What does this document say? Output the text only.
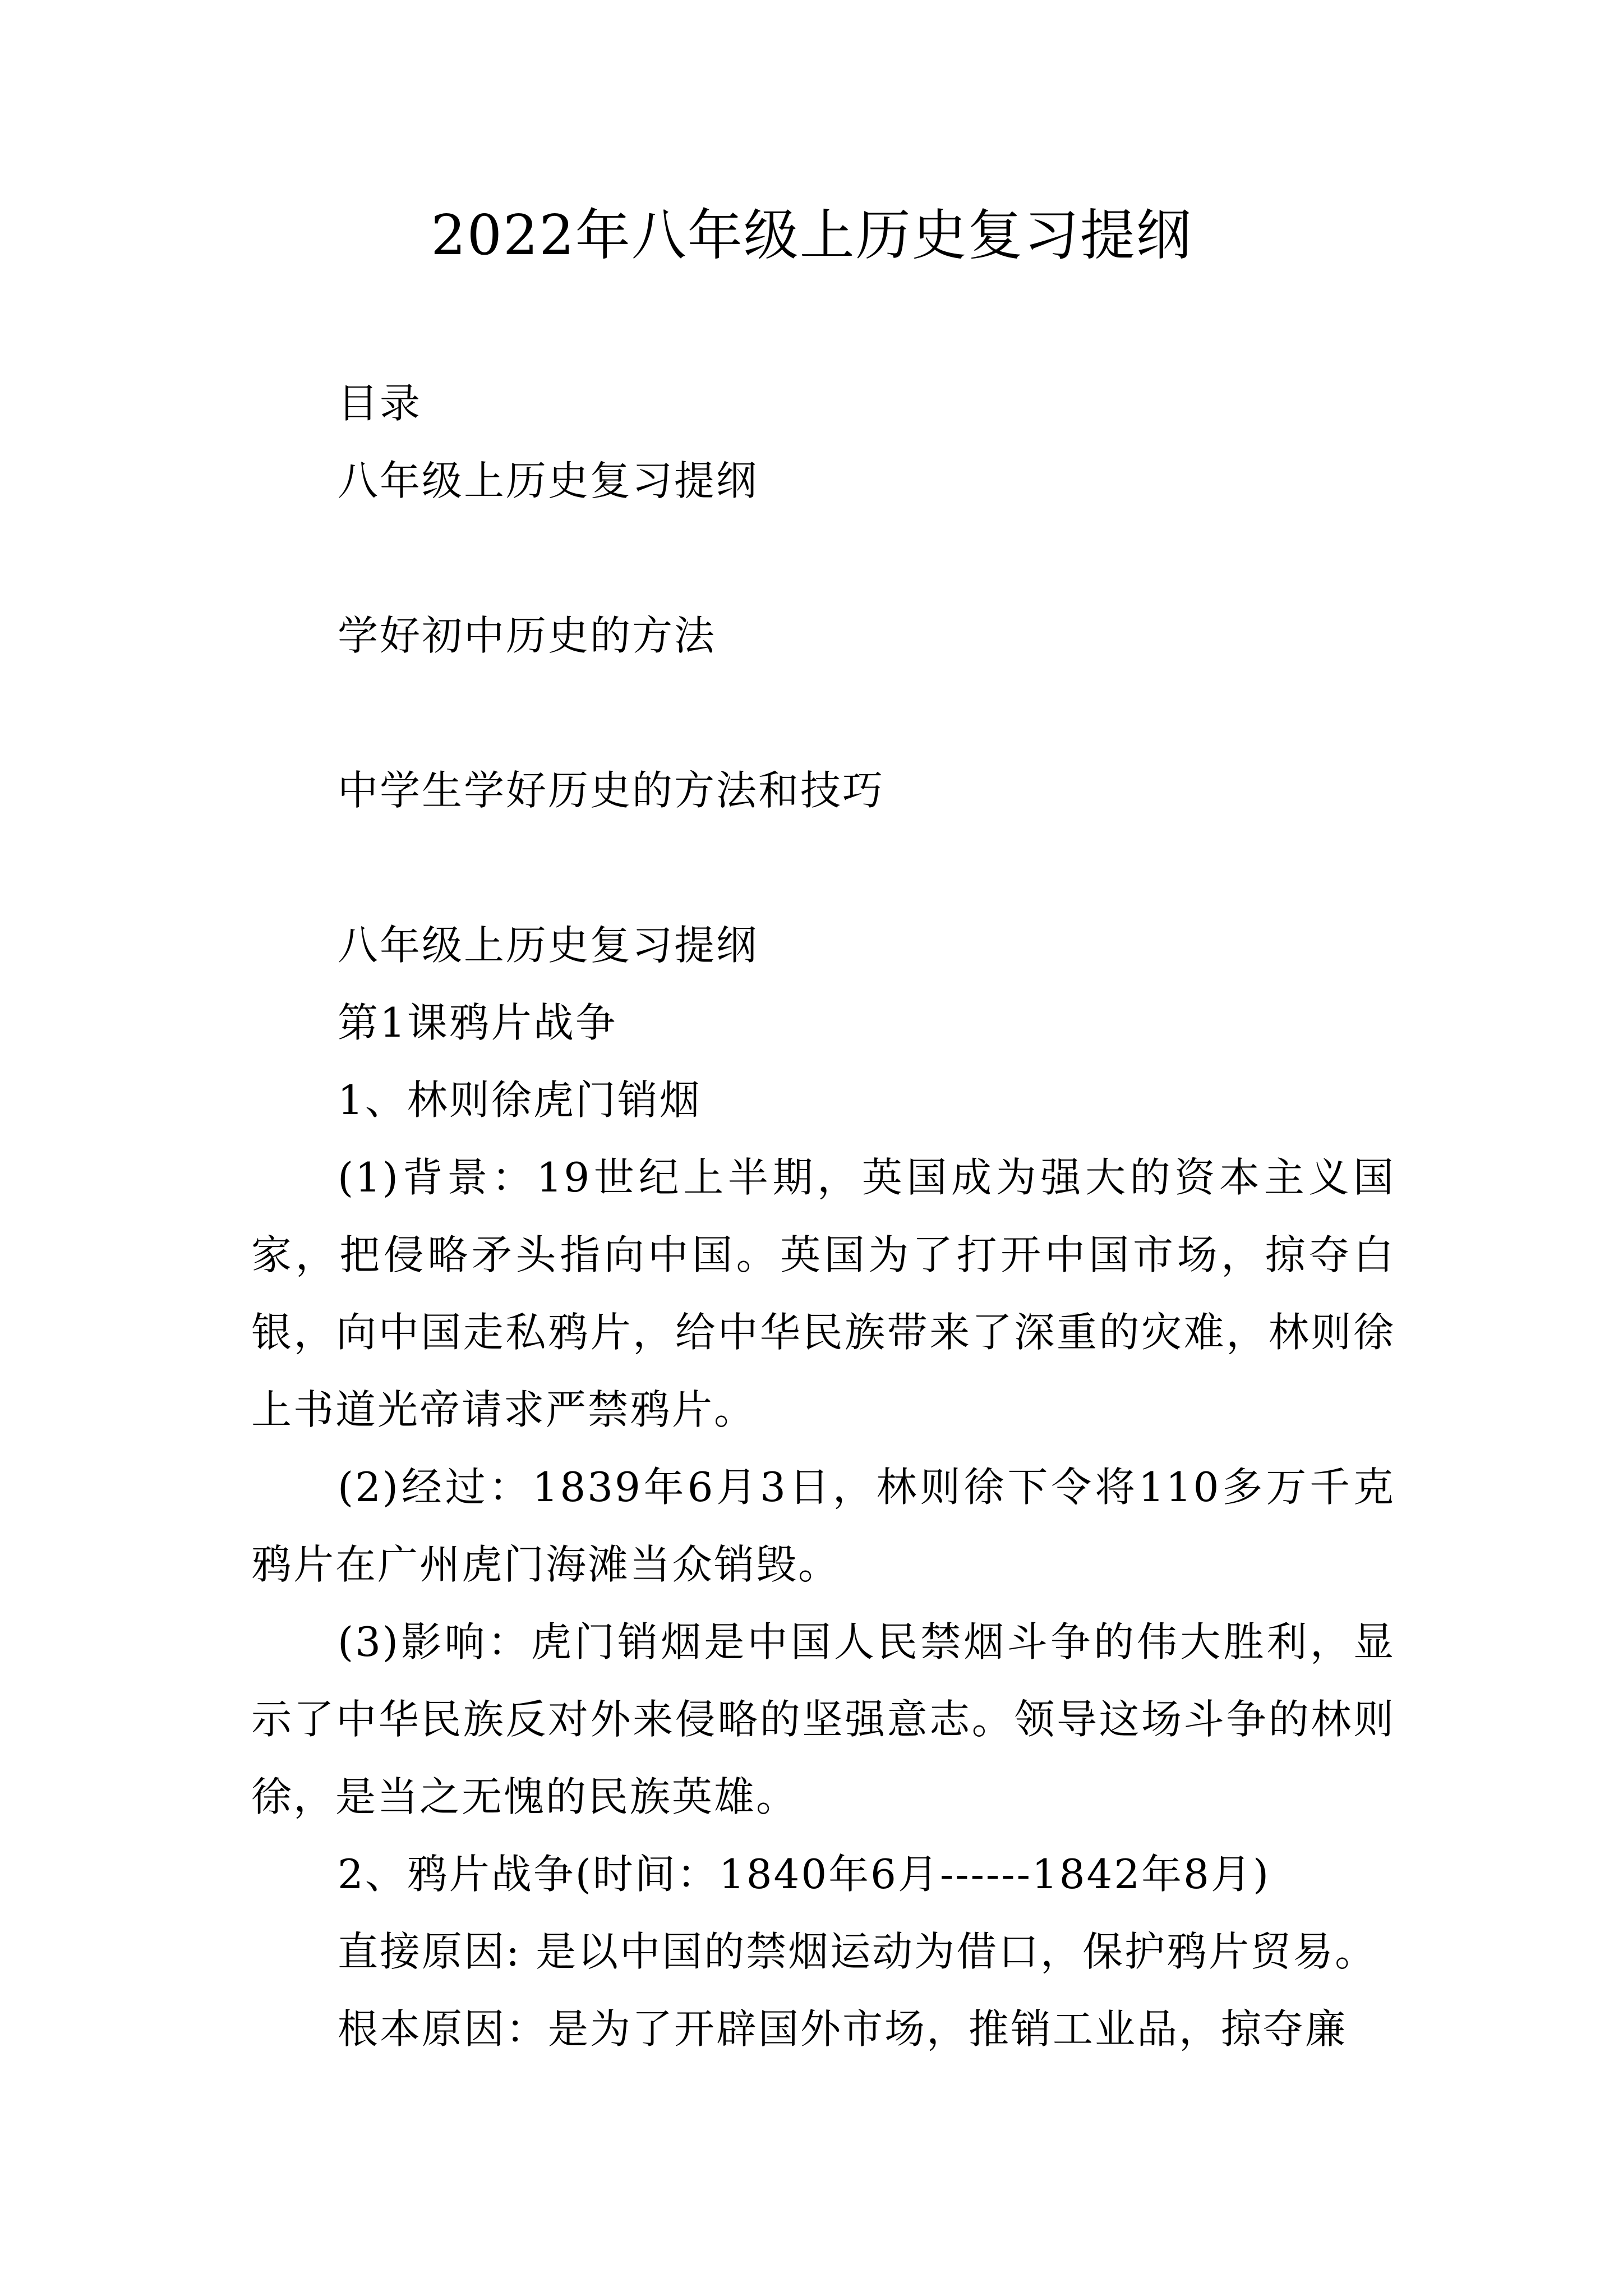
2022年八年级上历史复习提纲

目录

八年级上历史复习提纲

学好初中历史的方法

中学生学好历史的方法和技巧

八年级上历史复习提纲

第1课鸦片战争

1、林则徐虎门销烟

(1)背景：19世纪上半期，英国成为强大的资本主义国家，把侵略矛头指向中国。英国为了打开中国市场，掠夺白银，向中国走私鸦片，给中华民族带来了深重的灾难，林则徐上书道光帝请求严禁鸦片。

(2)经过：1839年6月3日，林则徐下令将110多万千克鸦片在广州虎门海滩当众销毁。

(3)影响：虎门销烟是中国人民禁烟斗争的伟大胜利，显示了中华民族反对外来侵略的坚强意志。领导这场斗争的林则徐，是当之无愧的民族英雄。

2、鸦片战争(时间：1840年6月------1842年8月)

直接原因: 是以中国的禁烟运动为借口，保护鸦片贸易。

根本原因：是为了开辟国外市场，推销工业品，掠夺廉
